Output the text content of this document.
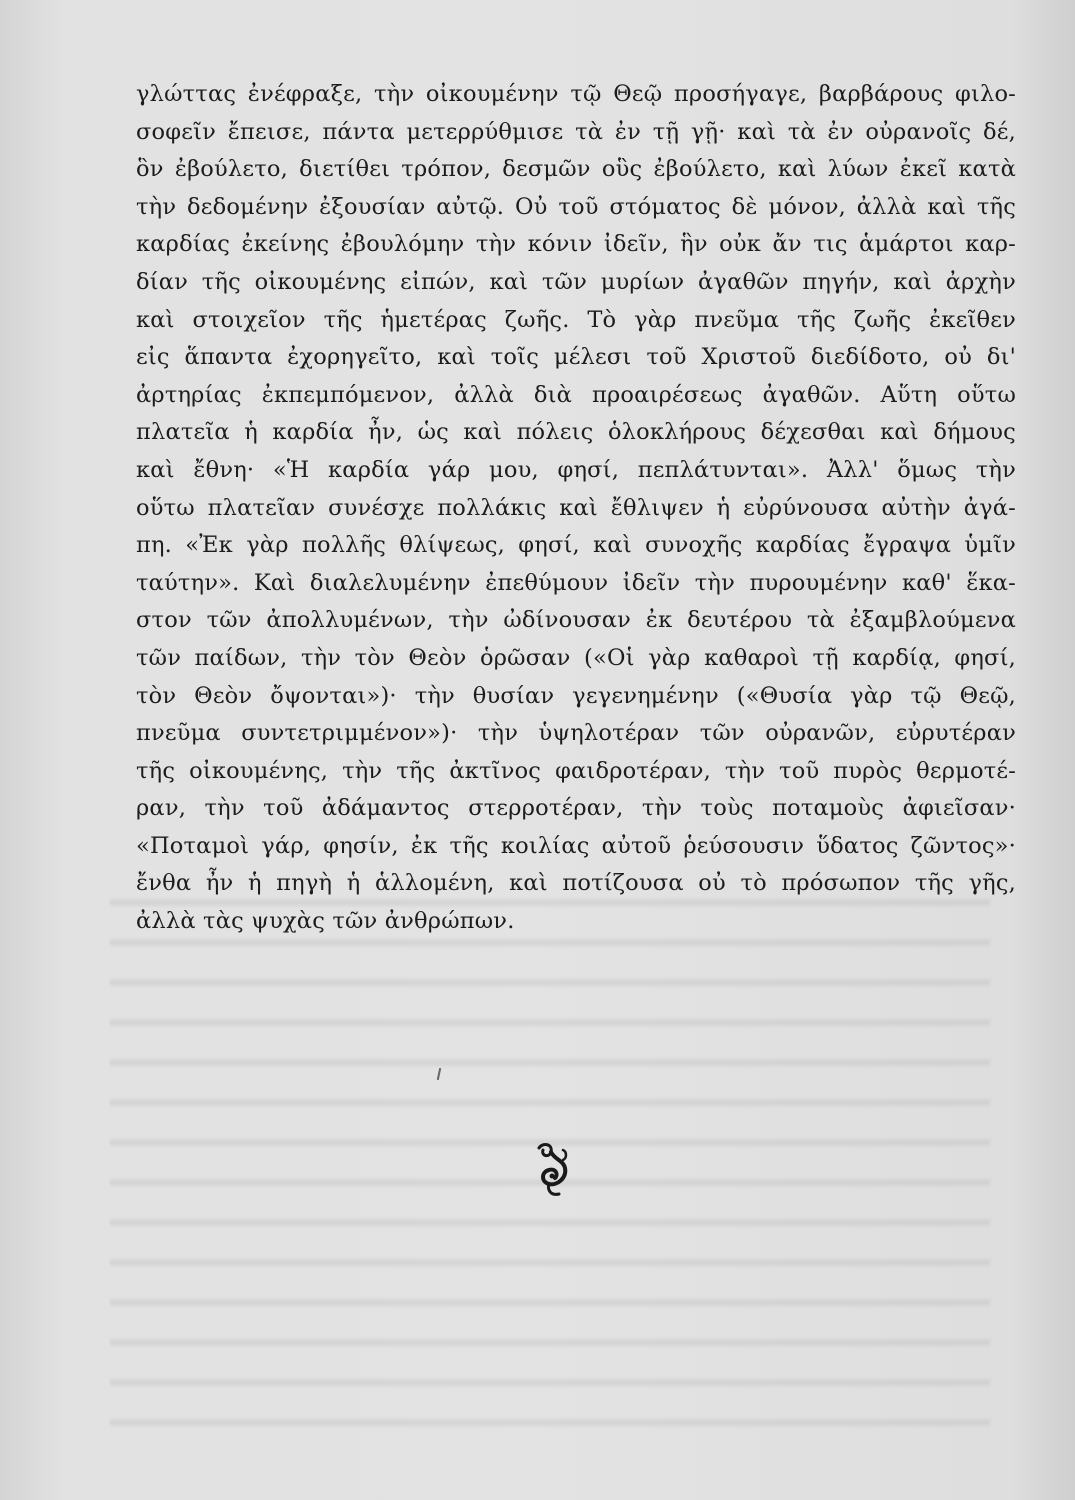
γλώττας ἐνέφραξε, τὴν οἰκουμένην τῷ Θεῷ προσήγαγε, βαρβάρους φιλο-
σοφεῖν ἔπεισε, πάντα μετερρύθμισε τὰ ἐν τῇ γῇ· καὶ τὰ ἐν οὐρανοῖς δέ,
ὃν ἐβούλετο, διετίθει τρόπον, δεσμῶν οὓς ἐβούλετο, καὶ λύων ἐκεῖ κατὰ
τὴν δεδομένην ἐξουσίαν αὐτῷ. Οὐ τοῦ στόματος δὲ μόνον, ἀλλὰ καὶ τῆς
καρδίας ἐκείνης ἐβουλόμην τὴν κόνιν ἰδεῖν, ἣν οὐκ ἄν τις ἁμάρτοι καρ-
δίαν τῆς οἰκουμένης εἰπών, καὶ τῶν μυρίων ἀγαθῶν πηγήν, καὶ ἀρχὴν
καὶ στοιχεῖον τῆς ἡμετέρας ζωῆς. Τὸ γὰρ πνεῦμα τῆς ζωῆς ἐκεῖθεν
εἰς ἅπαντα ἐχορηγεῖτο, καὶ τοῖς μέλεσι τοῦ Χριστοῦ διεδίδοτο, οὐ δι'
ἀρτηρίας ἐκπεμπόμενον, ἀλλὰ διὰ προαιρέσεως ἀγαθῶν. Αὕτη οὕτω
πλατεῖα ἡ καρδία ἦν, ὡς καὶ πόλεις ὁλοκλήρους δέχεσθαι καὶ δήμους
καὶ ἔθνη· «Ἡ καρδία γάρ μου, φησί, πεπλάτυνται». Ἀλλ' ὅμως τὴν
οὕτω πλατεῖαν συνέσχε πολλάκις καὶ ἔθλιψεν ἡ εὐρύνουσα αὐτὴν ἀγά-
πη. «Ἐκ γὰρ πολλῆς θλίψεως, φησί, καὶ συνοχῆς καρδίας ἔγραψα ὑμῖν
ταύτην». Καὶ διαλελυμένην ἐπεθύμουν ἰδεῖν τὴν πυρουμένην καθ' ἕκα-
στον τῶν ἀπολλυμένων, τὴν ὠδίνουσαν ἐκ δευτέρου τὰ ἐξαμβλούμενα
τῶν παίδων, τὴν τὸν Θεὸν ὁρῶσαν («Οἱ γὰρ καθαροὶ τῇ καρδίᾳ, φησί,
τὸν Θεὸν ὄψονται»)· τὴν θυσίαν γεγενημένην («Θυσία γὰρ τῷ Θεῷ,
πνεῦμα συντετριμμένον»)· τὴν ὑψηλοτέραν τῶν οὐρανῶν, εὐρυτέραν
τῆς οἰκουμένης, τὴν τῆς ἀκτῖνος φαιδροτέραν, τὴν τοῦ πυρὸς θερμοτέ-
ραν, τὴν τοῦ ἀδάμαντος στερροτέραν, τὴν τοὺς ποταμοὺς ἀφιεῖσαν·
«Ποταμοὶ γάρ, φησίν, ἐκ τῆς κοιλίας αὐτοῦ ῥεύσουσιν ὕδατος ζῶντος»·
ἔνθα ἦν ἡ πηγὴ ἡ ἁλλομένη, καὶ ποτίζουσα οὐ τὸ πρόσωπον τῆς γῆς,
ἀλλὰ τὰς ψυχὰς τῶν ἀνθρώπων.
